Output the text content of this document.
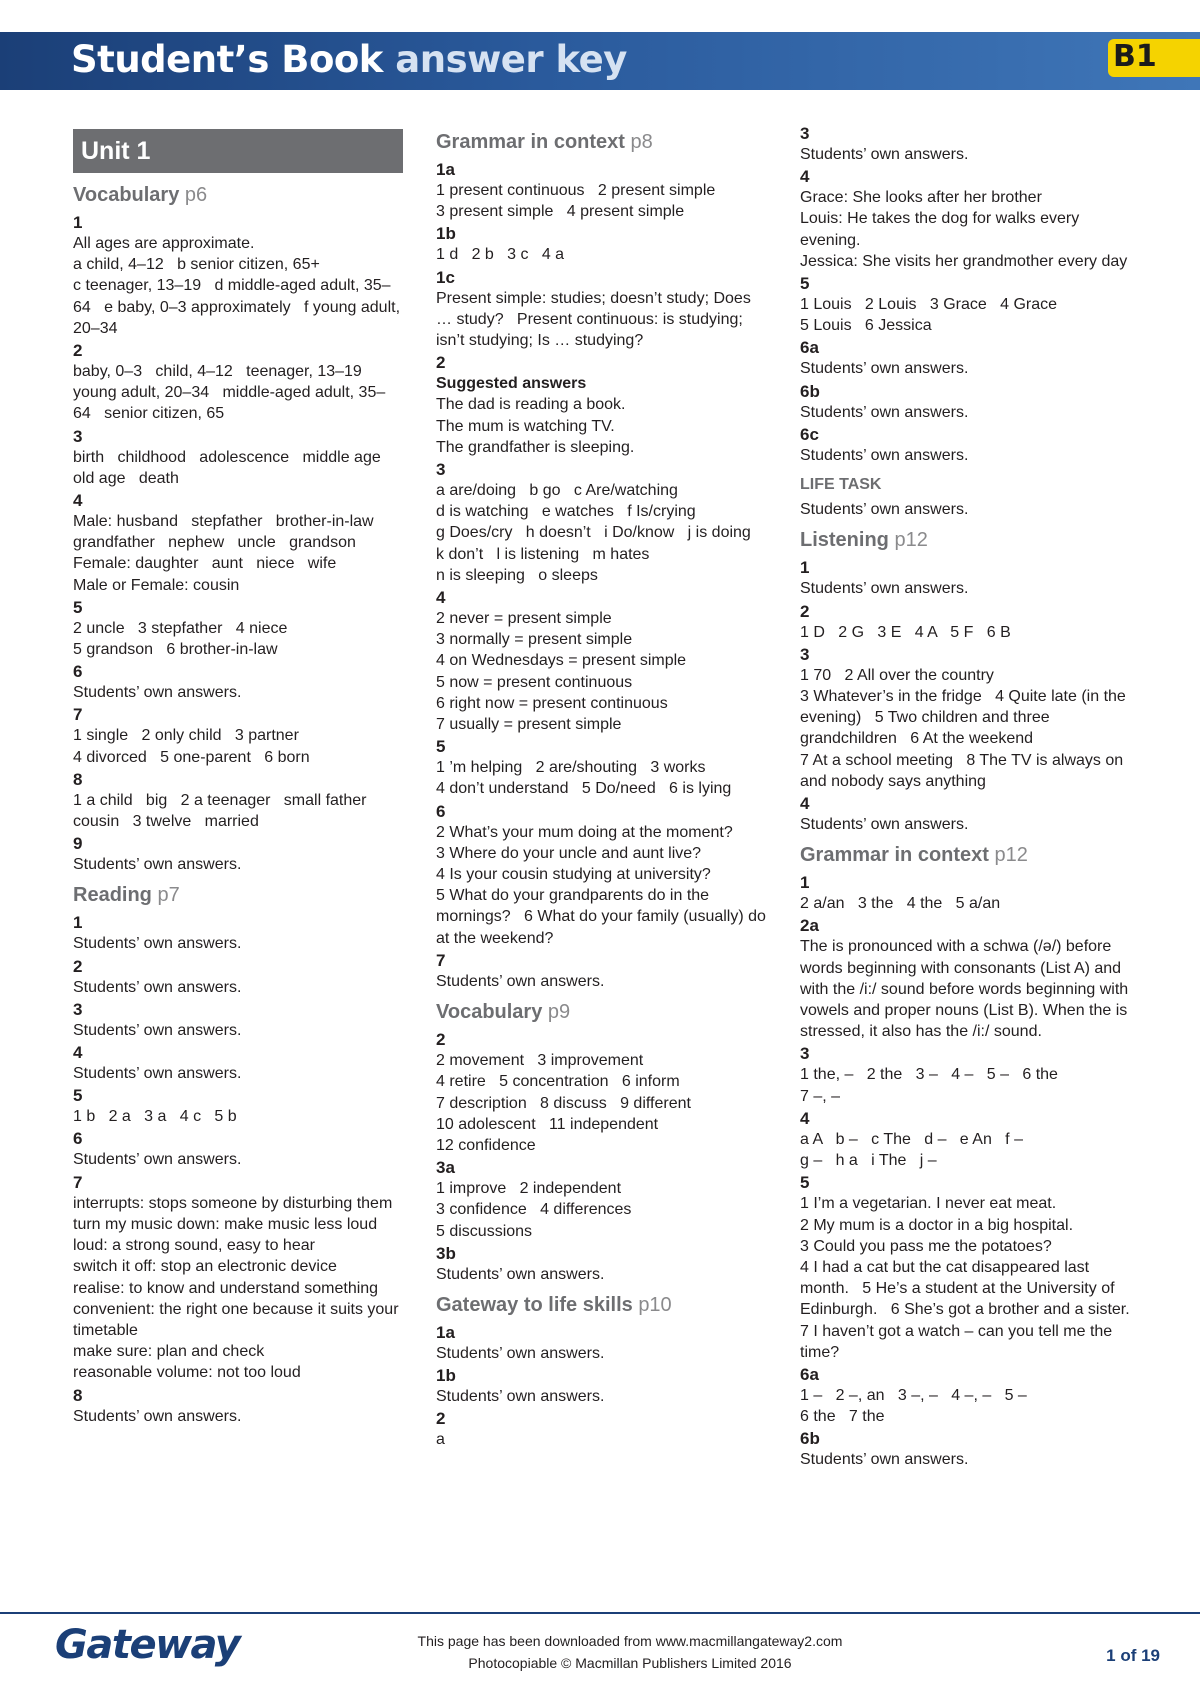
Student’s Book answer key	B1
Unit 1
Vocabulary p6
1
All ages are approximate.
a child, 4–12   b senior citizen, 65+
c teenager, 13–19   d middle-aged adult, 35–64   e baby, 0–3 approximately   f young adult, 20–34
2
baby, 0–3   child, 4–12   teenager, 13–19 young adult, 20–34   middle-aged adult, 35– 64   senior citizen, 65
3
birth   childhood   adolescence   middle age   old age   death
4
Male: husband   stepfather   brother-in-law grandfather   nephew   uncle   grandson
Female: daughter   aunt   niece   wife
Male or Female: cousin
5
2 uncle   3 stepfather   4 niece
5 grandson   6 brother-in-law
6
Students’ own answers.
7
1 single   2 only child   3 partner
4 divorced   5 one-parent   6 born
8
1 a child   big   2 a teenager   small father   cousin   3 twelve   married
9
Students’ own answers.
Reading p7
1
Students’ own answers.
2
Students’ own answers.
3
Students’ own answers.
4
Students’ own answers.
5
1 b   2 a   3 a   4 c   5 b
6
Students’ own answers.
7
interrupts: stops someone by disturbing them
turn my music down: make music less loud
loud: a strong sound, easy to hear
switch it off: stop an electronic device
realise: to know and understand something
convenient: the right one because it suits your timetable
make sure: plan and check
reasonable volume: not too loud
8
Students’ own answers.
Grammar in context p8
1a
1 present continuous   2 present simple
3 present simple   4 present simple
1b
1 d   2 b   3 c   4 a
1c
Present simple: studies; doesn’t study; Does … study?   Present continuous: is studying; isn’t studying; Is … studying?
2
Suggested answers
The dad is reading a book.
The mum is watching TV.
The grandfather is sleeping.
3
a are/doing   b go   c Are/watching
d is watching   e watches   f Is/crying
g Does/cry   h doesn’t   i Do/know   j is doing   k don’t   l is listening   m hates
n is sleeping   o sleeps
4
2 never = present simple
3 normally = present simple
4 on Wednesdays = present simple
5 now = present continuous
6 right now = present continuous
7 usually = present simple
5
1 ’m helping   2 are/shouting   3 works
4 don’t understand   5 Do/need   6 is lying
6
2 What’s your mum doing at the moment?
3 Where do your uncle and aunt live?
4 Is your cousin studying at university?
5 What do your grandparents do in the mornings?   6 What do your family (usually) do at the weekend?
7
Students’ own answers.
Vocabulary p9
2
2 movement   3 improvement
4 retire   5 concentration   6 inform
7 description   8 discuss   9 different
10 adolescent   11 independent
12 confidence
3a
1 improve   2 independent
3 confidence   4 differences
5 discussions
3b
Students’ own answers.
Gateway to life skills p10
1a
Students’ own answers.
1b
Students’ own answers.
2
a
3
Students’ own answers.
4
Grace: She looks after her brother
Louis: He takes the dog for walks every evening.
Jessica: She visits her grandmother every day
5
1 Louis   2 Louis   3 Grace   4 Grace
5 Louis   6 Jessica
6a
Students’ own answers.
6b
Students’ own answers.
6c
Students’ own answers.
LIFE TASK
Students’ own answers.
Listening p12
1
Students’ own answers.
2
1 D   2 G   3 E   4 A   5 F   6 B
3
1 70   2 All over the country
3 Whatever’s in the fridge   4 Quite late (in the evening)   5 Two children and three grandchildren   6 At the weekend
7 At a school meeting   8 The TV is always on and nobody says anything
4
Students’ own answers.
Grammar in context p12
1
2 a/an   3 the   4 the   5 a/an
2a
The is pronounced with a schwa (/ə/) before words beginning with consonants (List A) and with the /i:/ sound before words beginning with vowels and proper nouns (List B). When the is stressed, it also has the /i:/ sound.
3
1 the, –   2 the   3 –   4 –   5 –   6 the
7 –, –
4
a A   b –   c The   d –   e An   f –
g –   h a   i The   j –
5
1 I’m a vegetarian. I never eat meat.
2 My mum is a doctor in a big hospital.
3 Could you pass me the potatoes?
4 I had a cat but the cat disappeared last month.   5 He’s a student at the University of Edinburgh.   6 She’s got a brother and a sister.   7 I haven’t got a watch – can you tell me the time?
6a
1 –   2 –, an   3 –, –   4 –, –   5 –
6 the   7 the
6b
Students’ own answers.
Gateway	This page has been downloaded from www.macmillangateway2.com
Photocopiable © Macmillan Publishers Limited 2016	1 of 19
